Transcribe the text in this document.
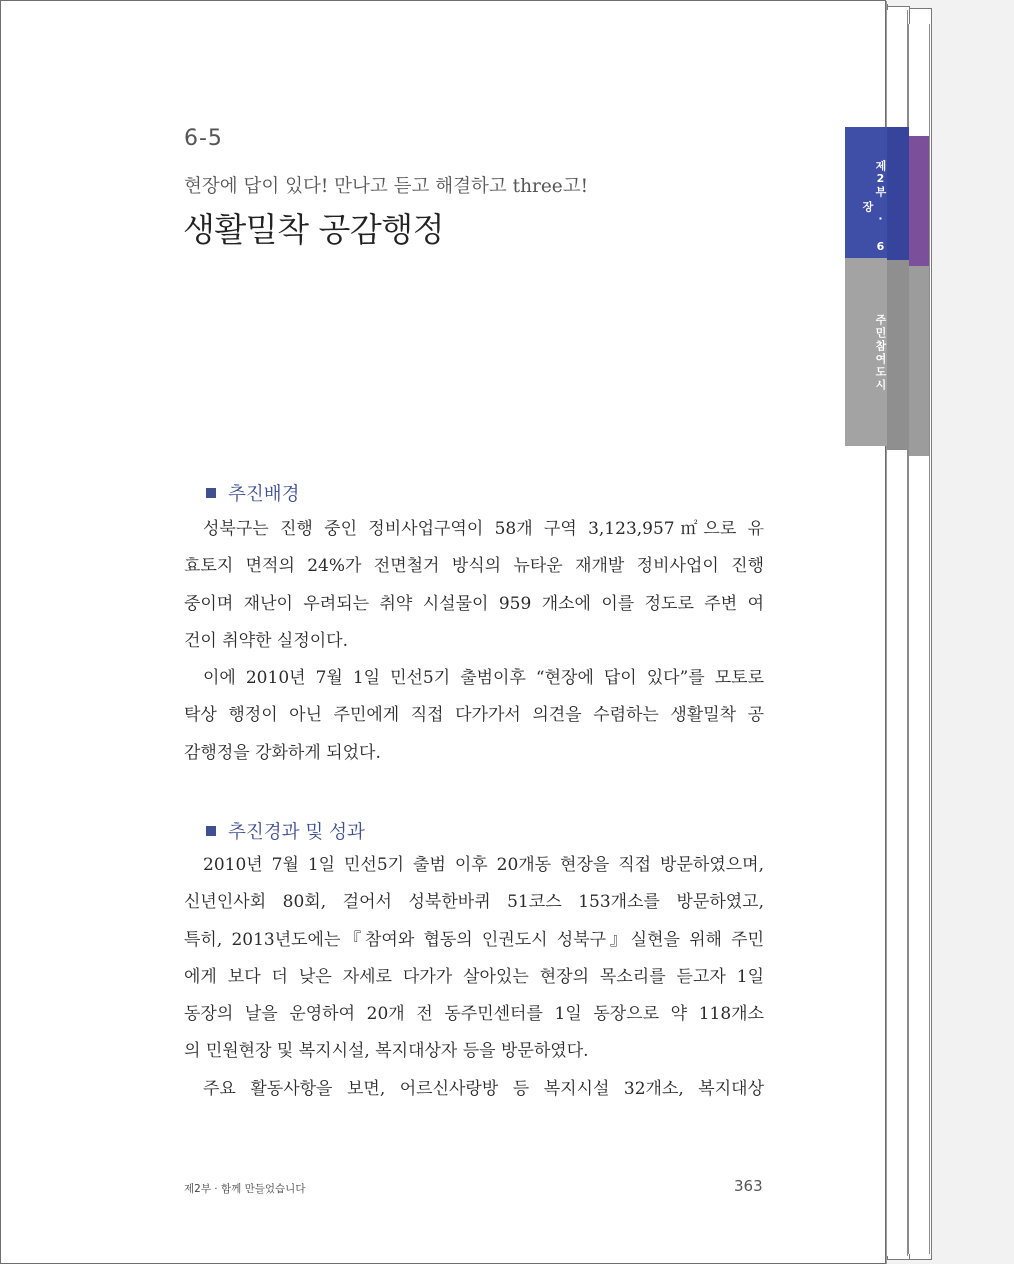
6-5
현장에 답이 있다! 만나고 듣고 해결하고 three고!
생활밀착 공감행정
추진배경
성북구는 진행 중인 정비사업구역이 58개 구역 3,123,957㎡으로 유
효토지 면적의 24%가 전면철거 방식의 뉴타운 재개발 정비사업이 진행
중이며 재난이 우려되는 취약 시설물이 959 개소에 이를 정도로 주변 여
건이 취약한 실정이다.
이에 2010년 7월 1일 민선5기 출범이후 “현장에 답이 있다”를 모토로
탁상 행정이 아닌 주민에게 직접 다가가서 의견을 수렴하는 생활밀착 공
감행정을 강화하게 되었다.
추진경과 및 성과
2010년 7월 1일 민선5기 출범 이후 20개동 현장을 직접 방문하였으며,
신년인사회 80회, 걸어서 성북한바퀴 51코스 153개소를 방문하였고,
특히, 2013년도에는『참여와 협동의 인권도시 성북구』실현을 위해 주민
에게 보다 더 낮은 자세로 다가가 살아있는 현장의 목소리를 듣고자 1일
동장의 날을 운영하여 20개 전 동주민센터를 1일 동장으로 약 118개소
의 민원현장 및 복지시설, 복지대상자 등을 방문하였다.
주요 활동사항을 보면, 어르신사랑방 등 복지시설 32개소, 복지대상
제2부 · 함께 만들었습니다	363
제2부 · 6장
주민참여도시
